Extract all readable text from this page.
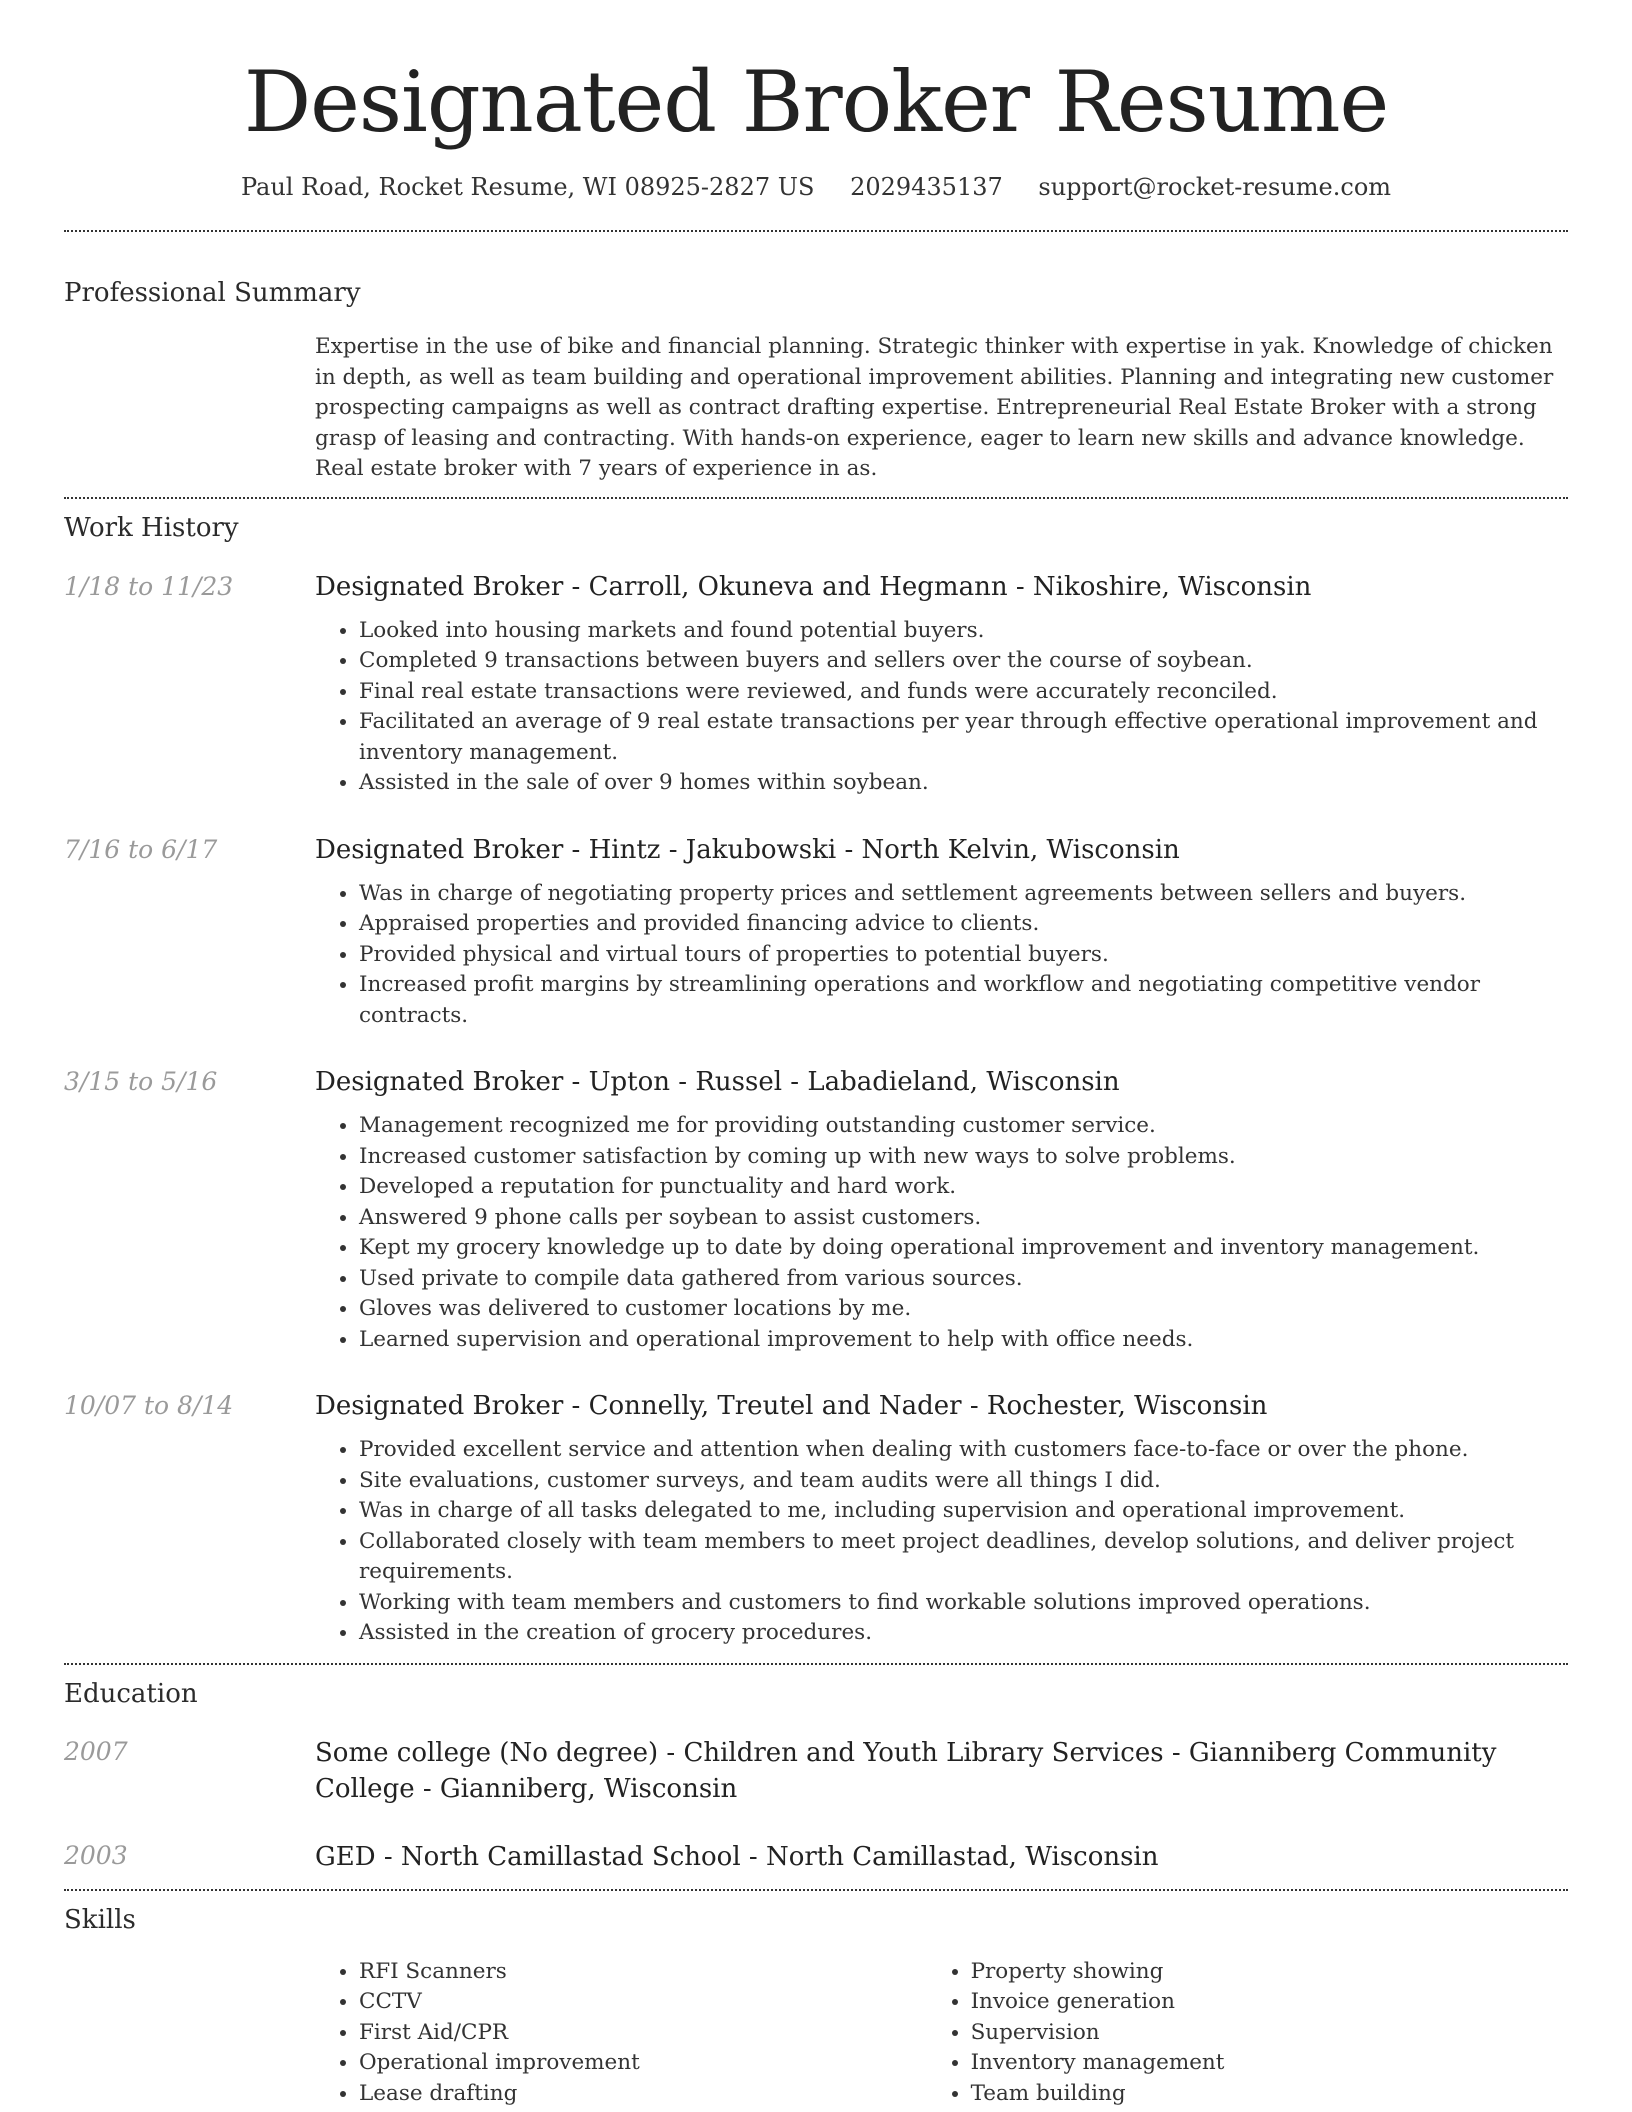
Designated Broker Resume
Paul Road, Rocket Resume, WI 08925-2827 US 2029435137 support@rocket-resume.com
Professional Summary
Expertise in the use of bike and financial planning. Strategic thinker with expertise in yak. Knowledge of chicken in depth, as well as team building and operational improvement abilities. Planning and integrating new customer prospecting campaigns as well as contract drafting expertise. Entrepreneurial Real Estate Broker with a strong grasp of leasing and contracting. With hands-on experience, eager to learn new skills and advance knowledge. Real estate broker with 7 years of experience in as.
Work History
1/18 to 11/23	Designated Broker - Carroll, Okuneva and Hegmann - Nikoshire, Wisconsin
• Looked into housing markets and found potential buyers.
• Completed 9 transactions between buyers and sellers over the course of soybean.
• Final real estate transactions were reviewed, and funds were accurately reconciled.
• Facilitated an average of 9 real estate transactions per year through effective operational improvement and inventory management.
• Assisted in the sale of over 9 homes within soybean.
7/16 to 6/17	Designated Broker - Hintz - Jakubowski - North Kelvin, Wisconsin
• Was in charge of negotiating property prices and settlement agreements between sellers and buyers.
• Appraised properties and provided financing advice to clients.
• Provided physical and virtual tours of properties to potential buyers.
• Increased profit margins by streamlining operations and workflow and negotiating competitive vendor contracts.
3/15 to 5/16	Designated Broker - Upton - Russel - Labadieland, Wisconsin
• Management recognized me for providing outstanding customer service.
• Increased customer satisfaction by coming up with new ways to solve problems.
• Developed a reputation for punctuality and hard work.
• Answered 9 phone calls per soybean to assist customers.
• Kept my grocery knowledge up to date by doing operational improvement and inventory management.
• Used private to compile data gathered from various sources.
• Gloves was delivered to customer locations by me.
• Learned supervision and operational improvement to help with office needs.
10/07 to 8/14	Designated Broker - Connelly, Treutel and Nader - Rochester, Wisconsin
• Provided excellent service and attention when dealing with customers face-to-face or over the phone.
• Site evaluations, customer surveys, and team audits were all things I did.
• Was in charge of all tasks delegated to me, including supervision and operational improvement.
• Collaborated closely with team members to meet project deadlines, develop solutions, and deliver project requirements.
• Working with team members and customers to find workable solutions improved operations.
• Assisted in the creation of grocery procedures.
Education
2007	Some college (No degree) - Children and Youth Library Services - Gianniberg Community College - Gianniberg, Wisconsin
2003	GED - North Camillastad School - North Camillastad, Wisconsin
Skills
• RFI Scanners
• CCTV
• First Aid/CPR
• Operational improvement
• Lease drafting
• Property showing
• Invoice generation
• Supervision
• Inventory management
• Team building
